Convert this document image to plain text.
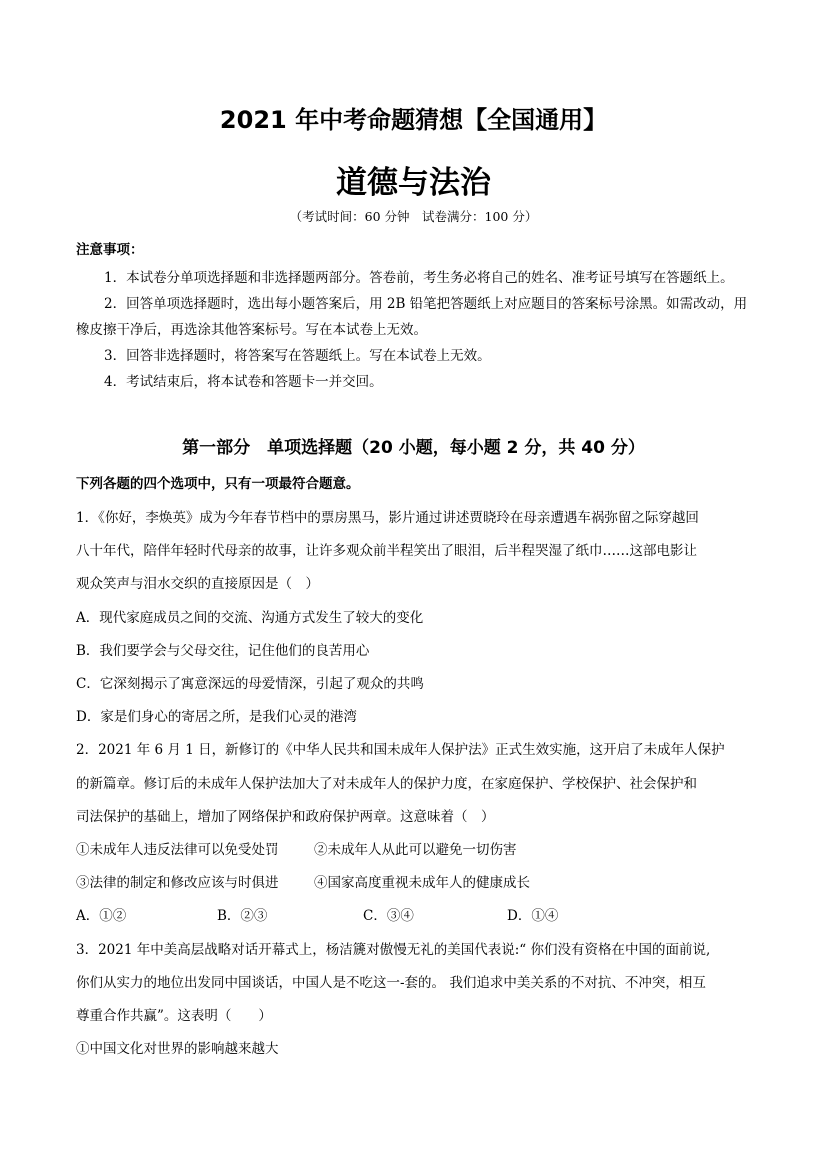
2021 年中考命题猜想【全国通用】
道德与法治
（考试时间：60 分钟　试卷满分：100 分）
注意事项：

1．本试卷分单项选择题和非选择题两部分。答卷前，考生务必将自己的姓名、准考证号填写在答题纸上。

2．回答单项选择题时，选出每小题答案后，用 2B 铅笔把答题纸上对应题目的答案标号涂黑。如需改动，用橡皮擦干净后，再选涂其他答案标号。写在本试卷上无效。

3．回答非选择题时，将答案写在答题纸上。写在本试卷上无效。

4．考试结束后，将本试卷和答题卡一并交回。

第一部分　单项选择题（20 小题，每小题 2 分，共 40 分）
下列各题的四个选项中，只有一项最符合题意。

1．《你好，李焕英》成为今年春节档中的票房黑马，影片通过讲述贾晓玲在母亲遭遇车祸弥留之际穿越回

八十年代，陪伴年轻时代母亲的故事，让许多观众前半程笑出了眼泪，后半程哭湿了纸巾……这部电影让

观众笑声与泪水交织的直接原因是（　）

A．现代家庭成员之间的交流、沟通方式发生了较大的变化

B．我们要学会与父母交往，记住他们的良苦用心

C．它深刻揭示了寓意深远的母爱情深，引起了观众的共鸣

D．家是们身心的寄居之所，是我们心灵的港湾

2．2021 年 6 月 1 日，新修订的《中华人民共和国未成年人保护法》正式生效实施，这开启了未成年人保护

的新篇章。修订后的未成年人保护法加大了对未成年人的保护力度，在家庭保护、学校保护、社会保护和

司法保护的基础上，增加了网络保护和政府保护两章。这意味着（　）

①未成年人违反法律可以免受处罚	②未成年人从此可以避免一切伤害

③法律的制定和修改应该与时俱进	④国家高度重视未成年人的健康成长

A．①②	B．②③	C．③④	D．①④

3．2021 年中美高层战略对话开幕式上，杨洁篪对傲慢无礼的美国代表说:“ 你们没有资格在中国的面前说,

你们从实力的地位出发同中国谈话，中国人是不吃这一-套的。 我们追求中美关系的不对抗、不冲突，相互

尊重合作共赢”。这表明（　　）

①中国文化对世界的影响越来越大
